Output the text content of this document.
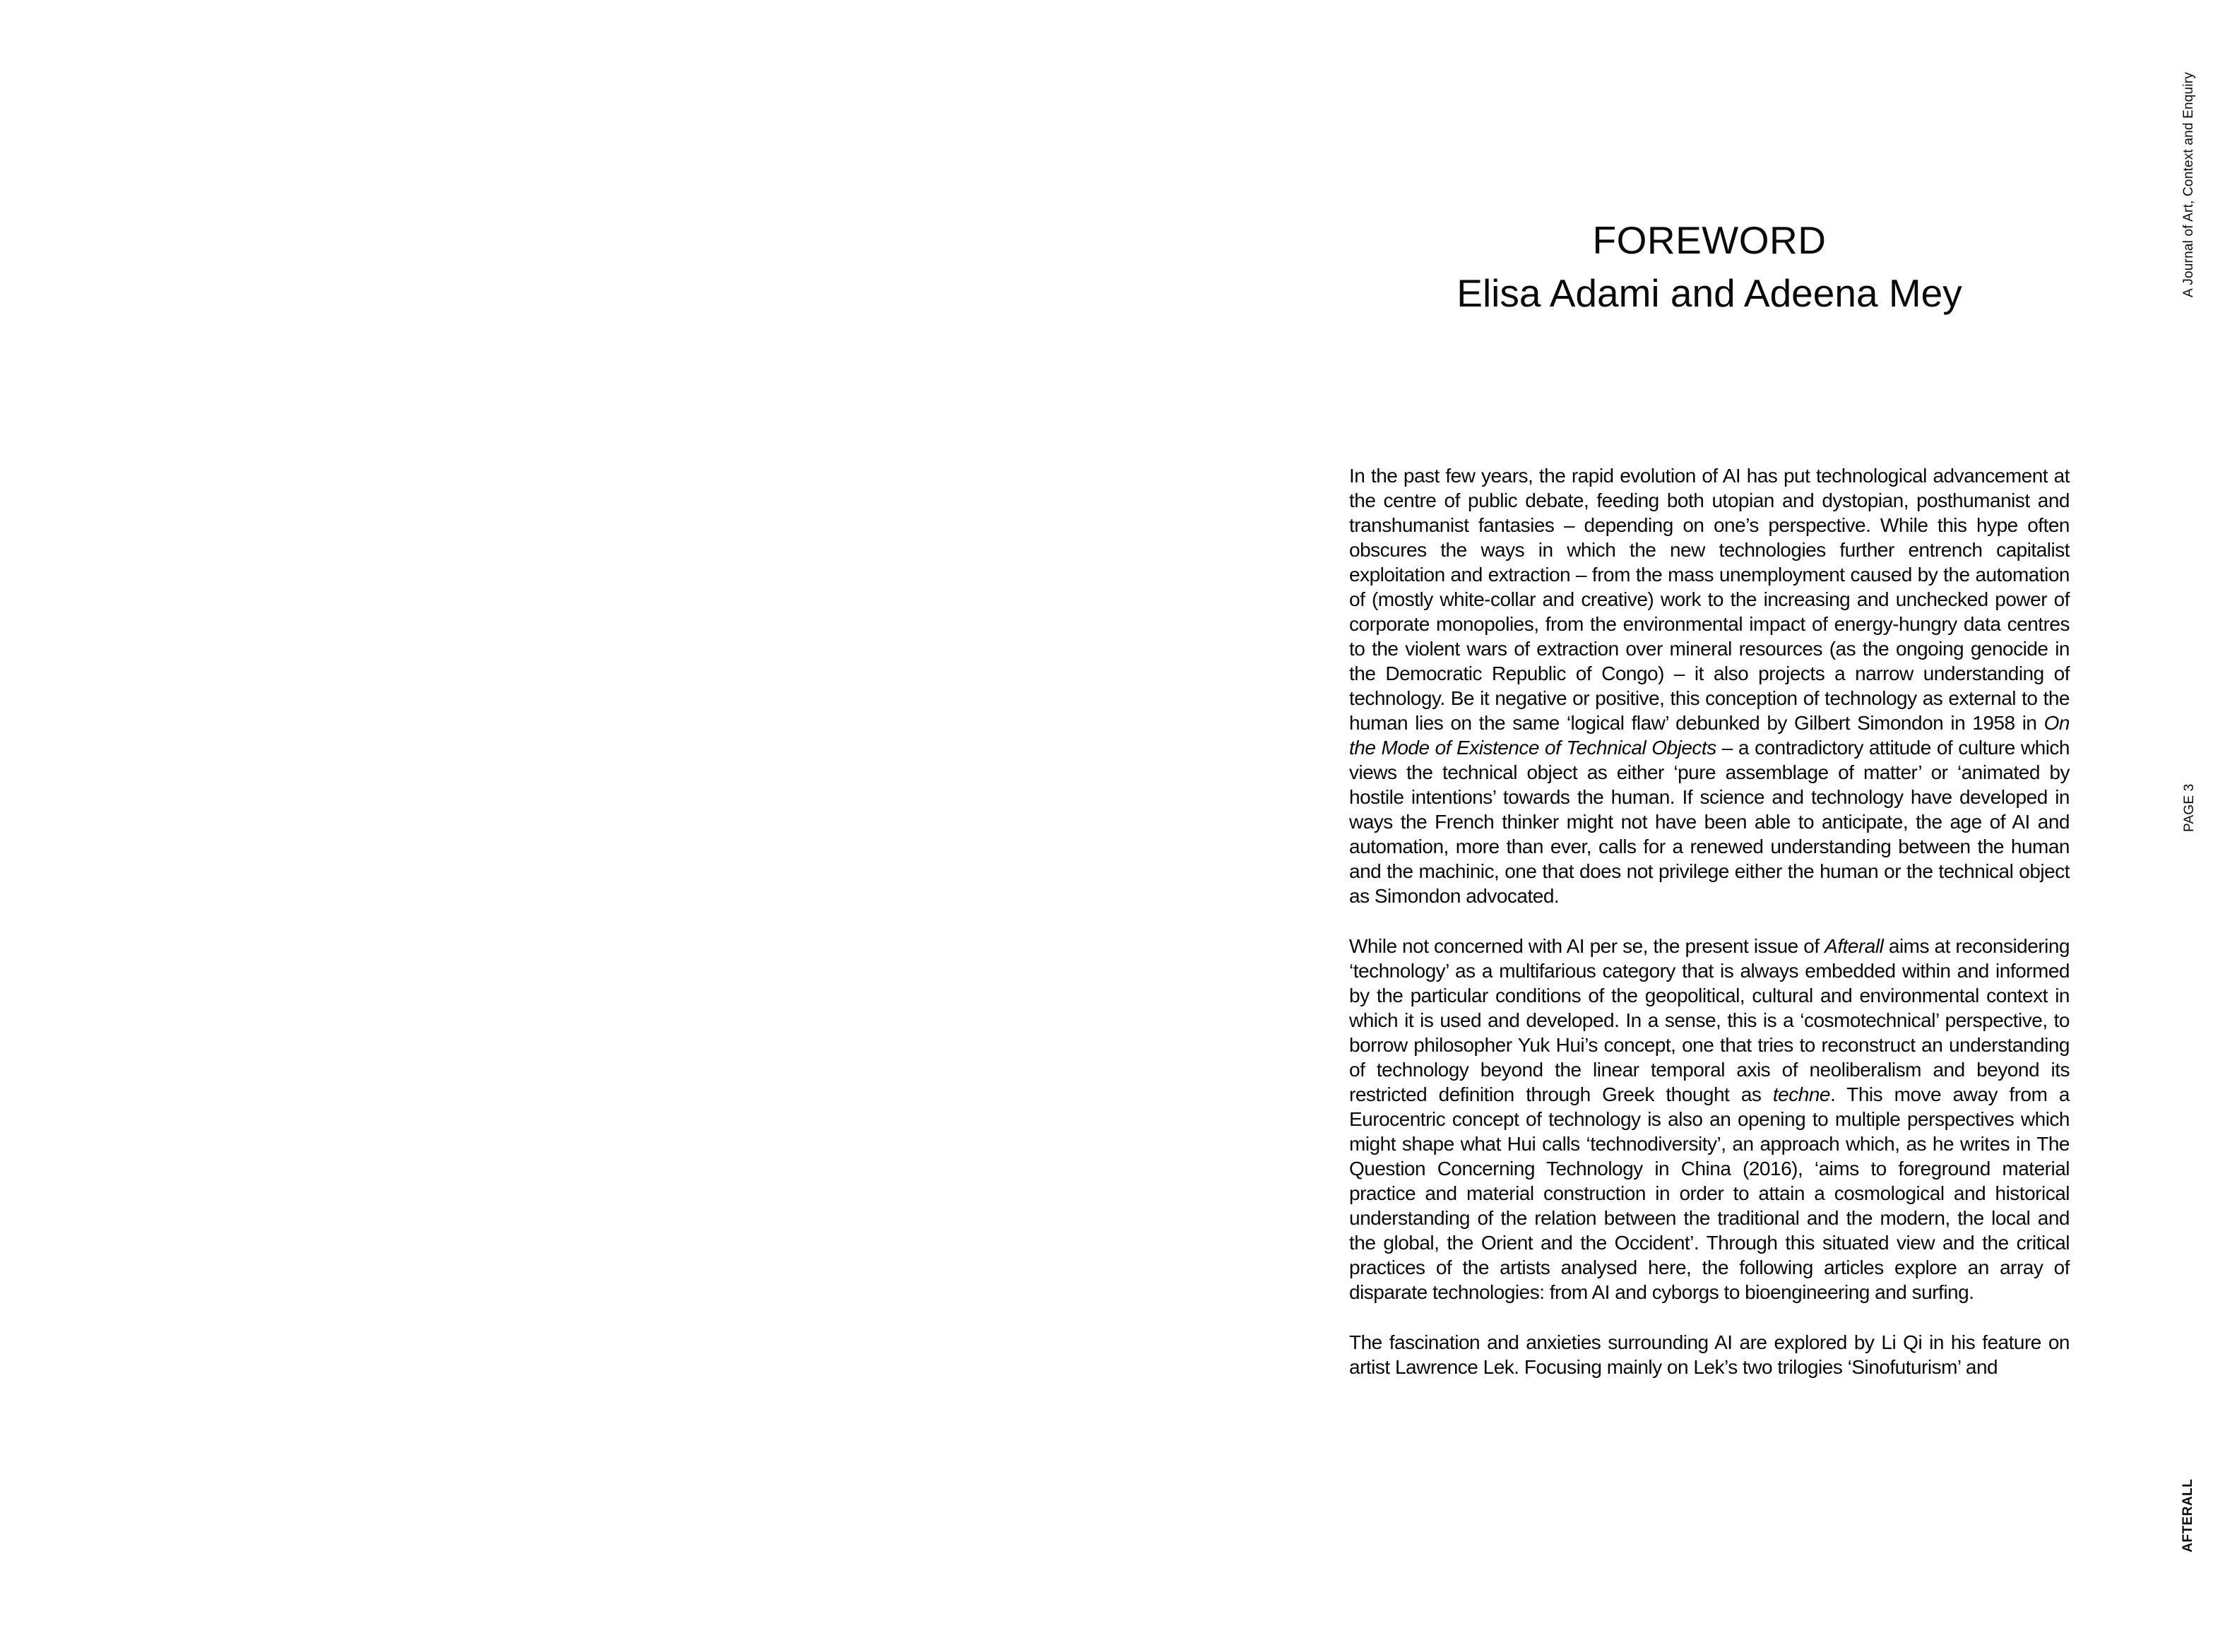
FOREWORD
Elisa Adami and Adeena Mey

In the past few years, the rapid evolution of AI has put technological advancement at the centre of public debate, feeding both utopian and dystopian, posthumanist and transhumanist fantasies – depending on one’s perspective. While this hype often obscures the ways in which the new technologies further entrench capitalist exploitation and extraction – from the mass unemployment caused by the automation of (mostly white-collar and creative) work to the increasing and unchecked power of corporate monopolies, from the environmental impact of energy-hungry data centres to the violent wars of extraction over mineral resources (as the ongoing genocide in the Democratic Republic of Congo) – it also projects a narrow understanding of technology. Be it negative or positive, this conception of technology as external to the human lies on the same ‘logical flaw’ debunked by Gilbert Simondon in 1958 in On the Mode of Existence of Technical Objects – a contradictory attitude of culture which views the technical object as either ‘pure assemblage of matter’ or ‘animated by hostile intentions’ towards the human. If science and technology have developed in ways the French thinker might not have been able to anticipate, the age of AI and automation, more than ever, calls for a renewed understanding between the human and the machinic, one that does not privilege either the human or the technical object as Simondon advocated.

While not concerned with AI per se, the present issue of Afterall aims at reconsidering ‘technology’ as a multifarious category that is always embedded within and informed by the particular conditions of the geopolitical, cultural and environmental context in which it is used and developed. In a sense, this is a ‘cosmotechnical’ perspective, to borrow philosopher Yuk Hui’s concept, one that tries to reconstruct an understanding of technology beyond the linear temporal axis of neoliberalism and beyond its restricted definition through Greek thought as techne. This move away from a Eurocentric concept of technology is also an opening to multiple perspectives which might shape what Hui calls ‘technodiversity’, an approach which, as he writes in The Question Concerning Technology in China (2016), ‘aims to foreground material practice and material construction in order to attain a cosmological and historical understanding of the relation between the traditional and the modern, the local and the global, the Orient and the Occident’. Through this situated view and the critical practices of the artists analysed here, the following articles explore an array of disparate technologies: from AI and cyborgs to bioengineering and surfing.

The fascination and anxieties surrounding AI are explored by Li Qi in his feature on artist Lawrence Lek. Focusing mainly on Lek’s two trilogies ‘Sinofuturism’ and

A Journal of Art, Context and Enquiry
PAGE 3
AFTERALL
